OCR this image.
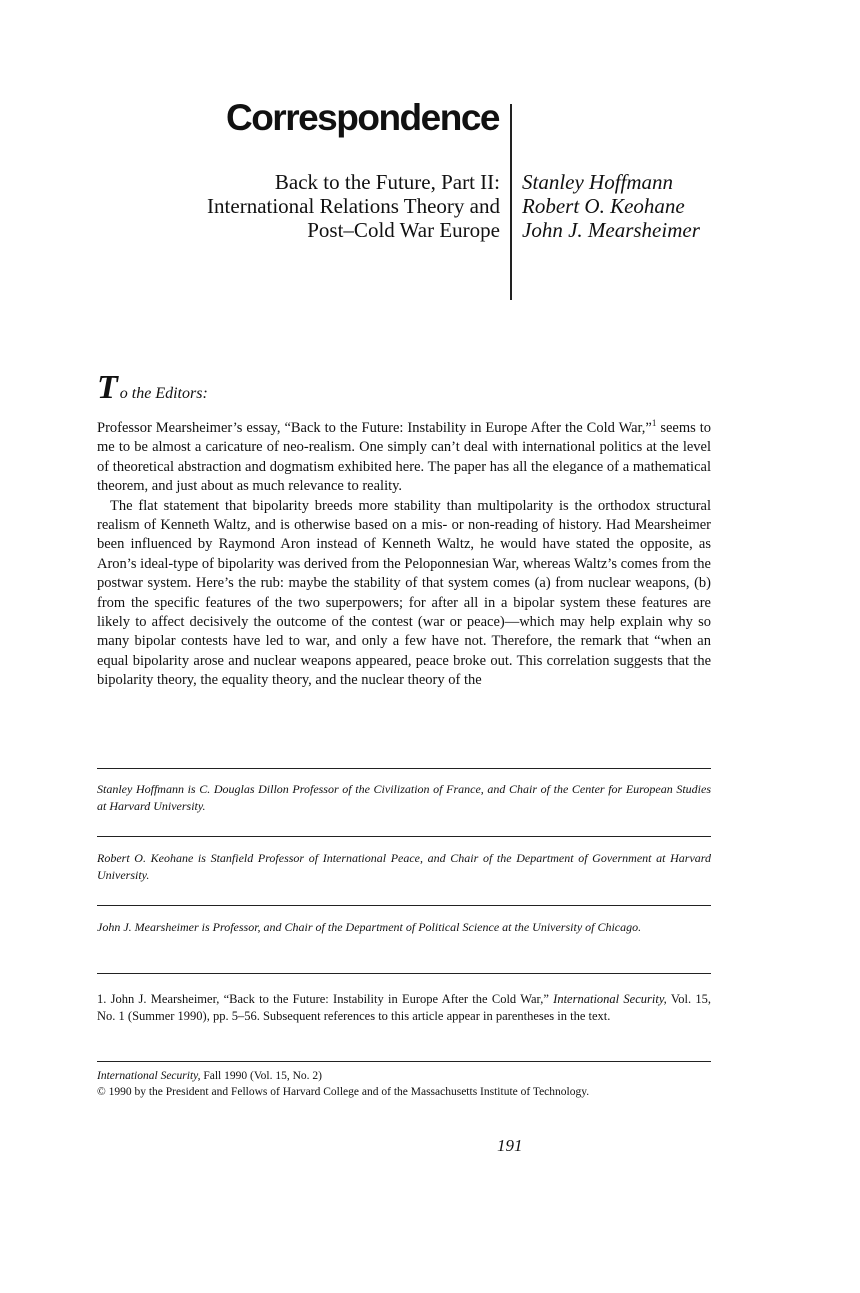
Correspondence
Back to the Future, Part II:
International Relations Theory and
Post–Cold War Europe
Stanley Hoffmann
Robert O. Keohane
John J. Mearsheimer
To the Editors:

Professor Mearsheimer’s essay, “Back to the Future: Instability in Europe After the Cold War,”$^1$ seems to me to be almost a caricature of neo-realism. One simply can’t deal with international politics at the level of theoretical abstraction and dogmatism exhibited here. The paper has all the elegance of a mathematical theorem, and just about as much relevance to reality.

The flat statement that bipolarity breeds more stability than multipolarity is the orthodox structural realism of Kenneth Waltz, and is otherwise based on a mis- or non-reading of history. Had Mearsheimer been influenced by Raymond Aron instead of Kenneth Waltz, he would have stated the opposite, as Aron’s ideal-type of bipolarity was derived from the Peloponnesian War, whereas Waltz’s comes from the postwar system. Here’s the rub: maybe the stability of that system comes (a) from nuclear weapons, (b) from the specific features of the two superpowers; for after all in a bipolar system these features are likely to affect decisively the outcome of the contest (war or peace)—which may help explain why so many bipolar contests have led to war, and only a few have not. Therefore, the remark that “when an equal bipolarity arose and nuclear weapons appeared, peace broke out. This correlation suggests that the bipolarity theory, the equality theory, and the nuclear theory of the

Stanley Hoffmann is C. Douglas Dillon Professor of the Civilization of France, and Chair of the Center for European Studies at Harvard University.
Robert O. Keohane is Stanfield Professor of International Peace, and Chair of the Department of Government at Harvard University.
John J. Mearsheimer is Professor, and Chair of the Department of Political Science at the University of Chicago.
1. John J. Mearsheimer, “Back to the Future: Instability in Europe After the Cold War,” International Security, Vol. 15, No. 1 (Summer 1990), pp. 5–56. Subsequent references to this article appear in parentheses in the text.
International Security, Fall 1990 (Vol. 15, No. 2)
© 1990 by the President and Fellows of Harvard College and of the Massachusetts Institute of Technology.
191
